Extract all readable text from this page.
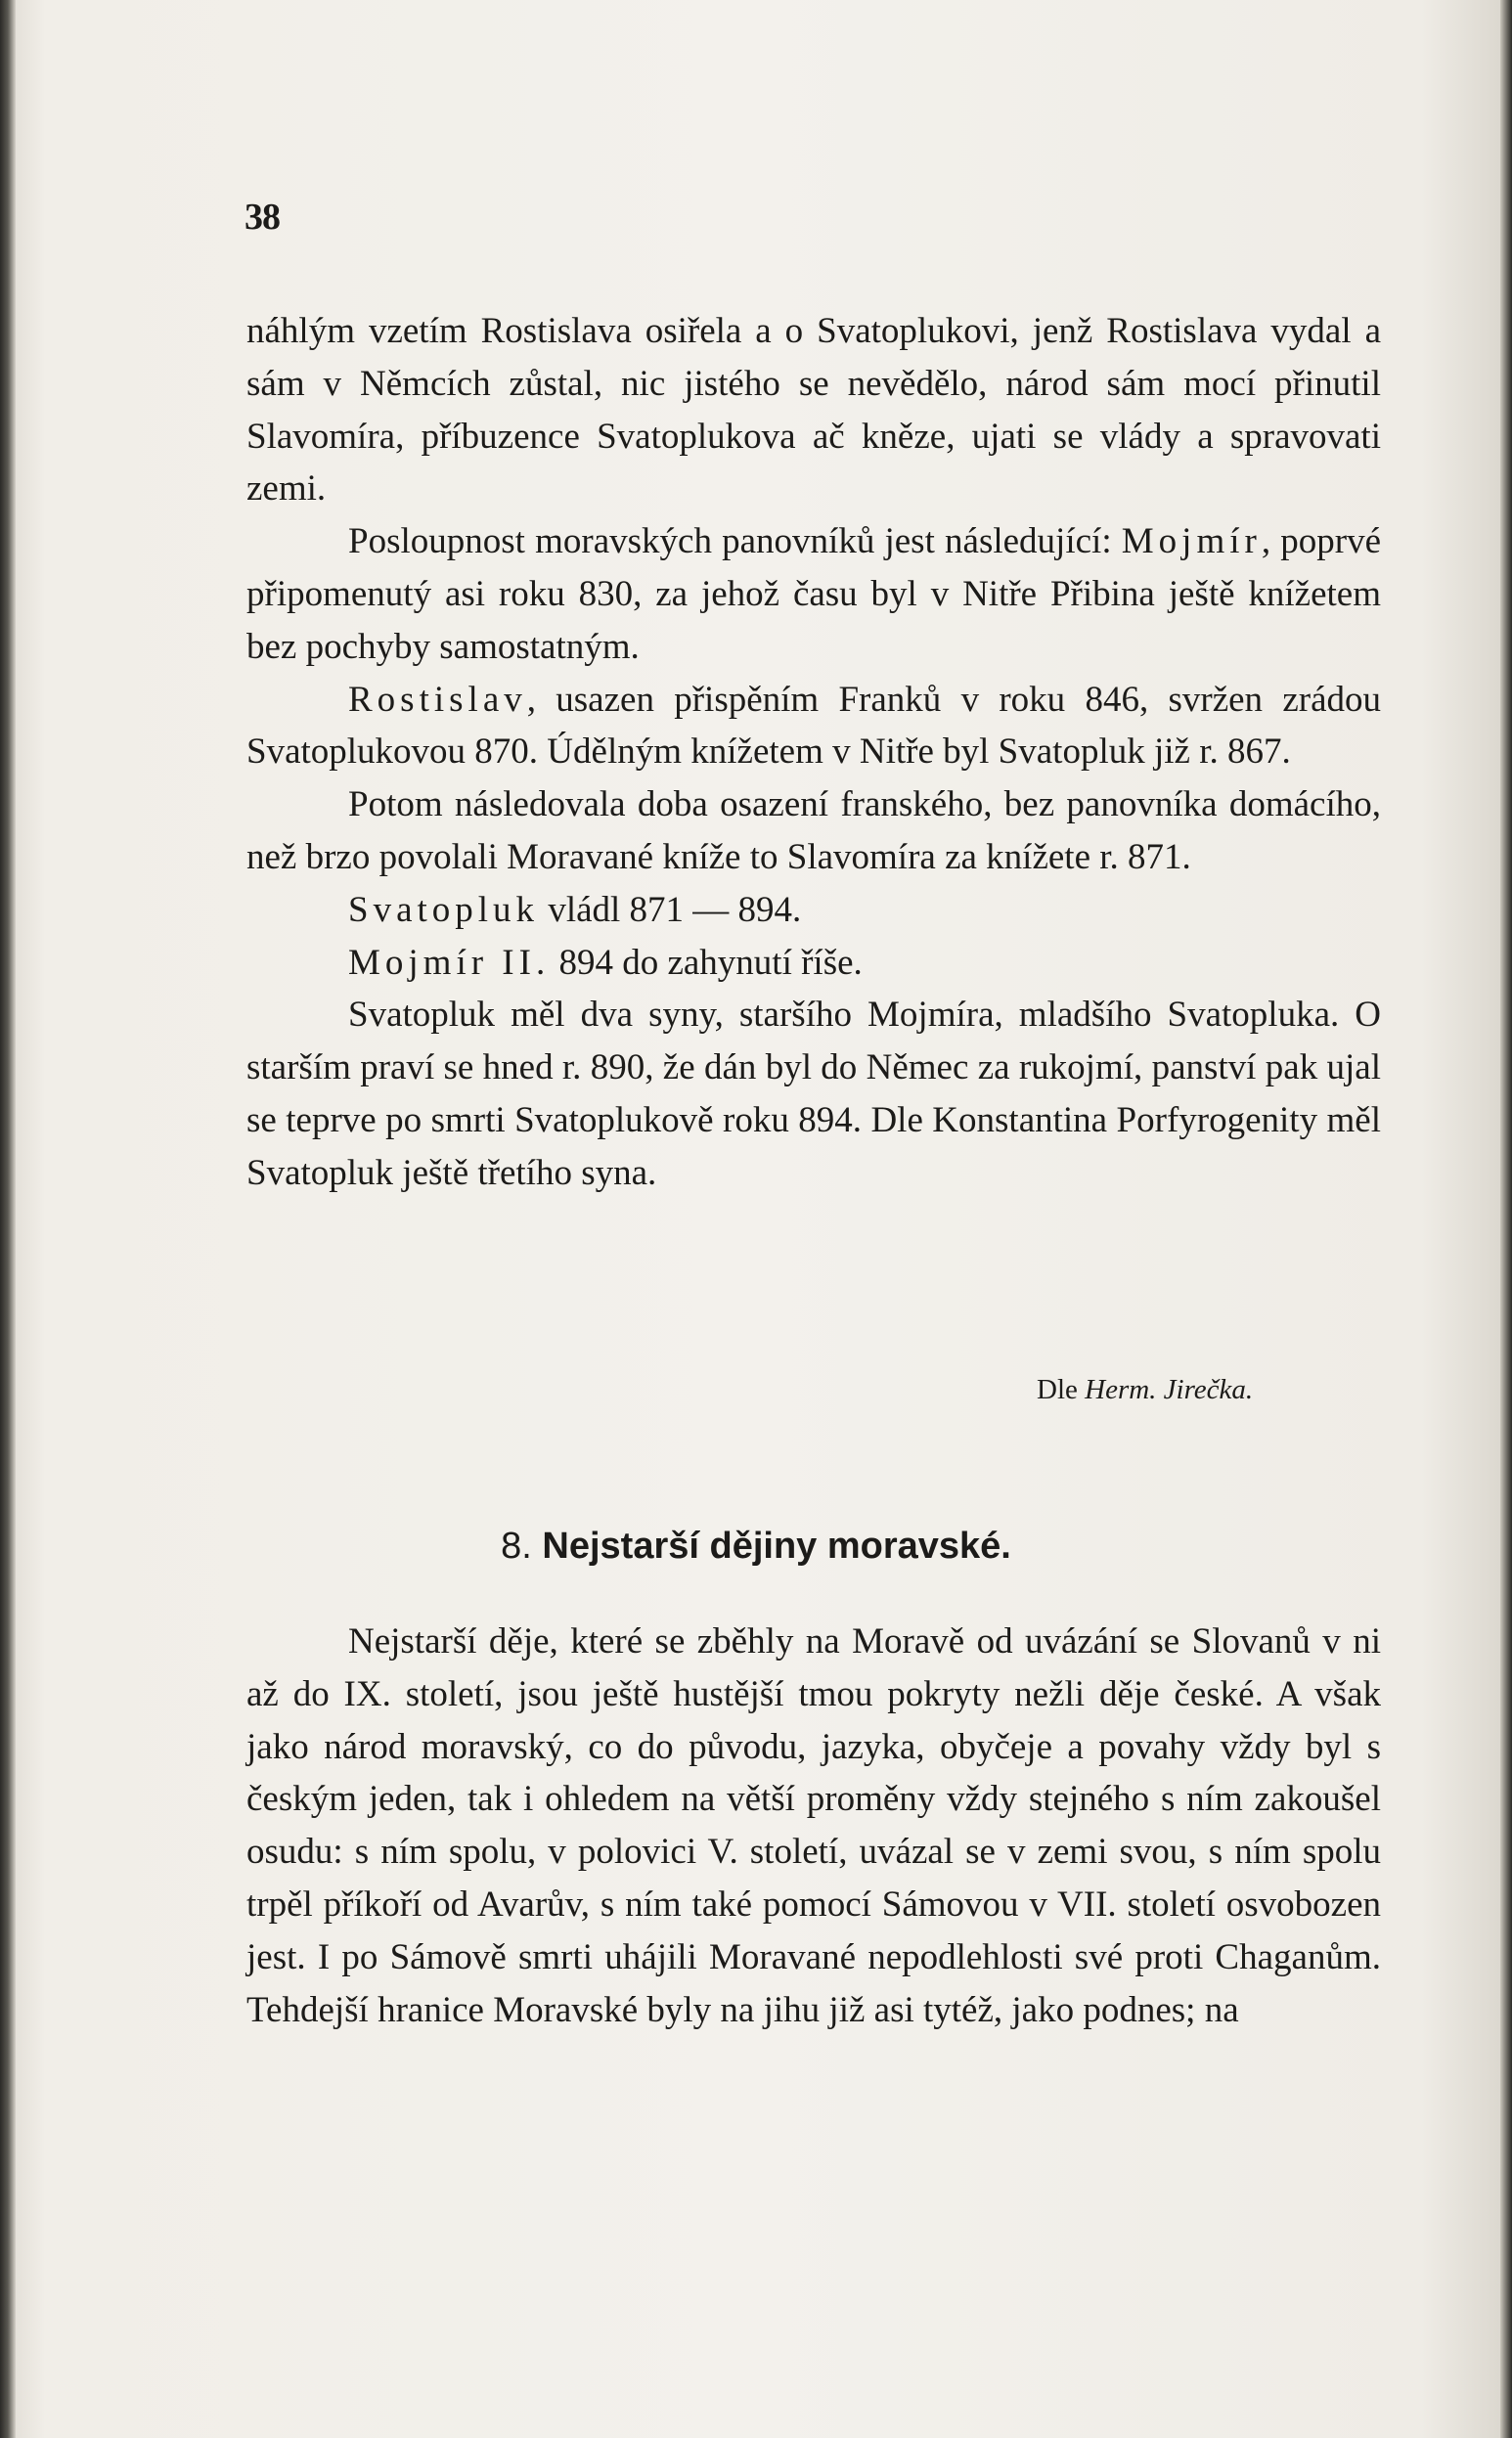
38

náhlým vzetím Rostislava osiřela a o Svatoplukovi, jenž Rostislava vydal a sám v Němcích zůstal, nic jistého se nevědělo, národ sám mocí přinutil Slavomíra, příbuzence Svatoplukova ač kněze, ujati se vlády a spravovati zemi.

Posloupnost moravských panovníků jest následující: Mojmír, poprvé připomenutý asi roku 830, za jehož času byl v Nitře Přibina ještě knížetem bez pochyby samostatným.

Rostislav, usazen přispěním Franků v roku 846, svržen zrádou Svatoplukovou 870. Údělným knížetem v Nitře byl Svatopluk již r. 867.

Potom následovala doba osazení franského, bez panovníka domácího, než brzo povolali Moravané kníže to Slavomíra za knížete r. 871.

Svatopluk vládl 871 — 894.

Mojmír II. 894 do zahynutí říše.

Svatopluk měl dva syny, staršího Mojmíra, mladšího Svatopluka. O starším praví se hned r. 890, že dán byl do Němec za rukojmí, panství pak ujal se teprve po smrti Svatoplukově roku 894. Dle Konstantina Porfyrogenity měl Svatopluk ještě třetího syna.

Dle Herm. Jirečka.
8. Nejstarší dějiny moravské.

Nejstarší děje, které se zběhly na Moravě od uvázání se Slovanů v ni až do IX. století, jsou ještě hustější tmou pokryty nežli děje české. A však jako národ moravský, co do původu, jazyka, obyčeje a povahy vždy byl s českým jeden, tak i ohledem na větší proměny vždy stejného s ním zakoušel osudu: s ním spolu, v polovici V. století, uvázal se v zemi svou, s ním spolu trpěl příkoří od Avarův, s ním také pomocí Sámovou v VII. století osvobozen jest. I po Sámově smrti uhájili Moravané nepodlehlosti své proti Chaganům. Tehdejší hranice Moravské byly na jihu již asi tytéž, jako podnes; na
